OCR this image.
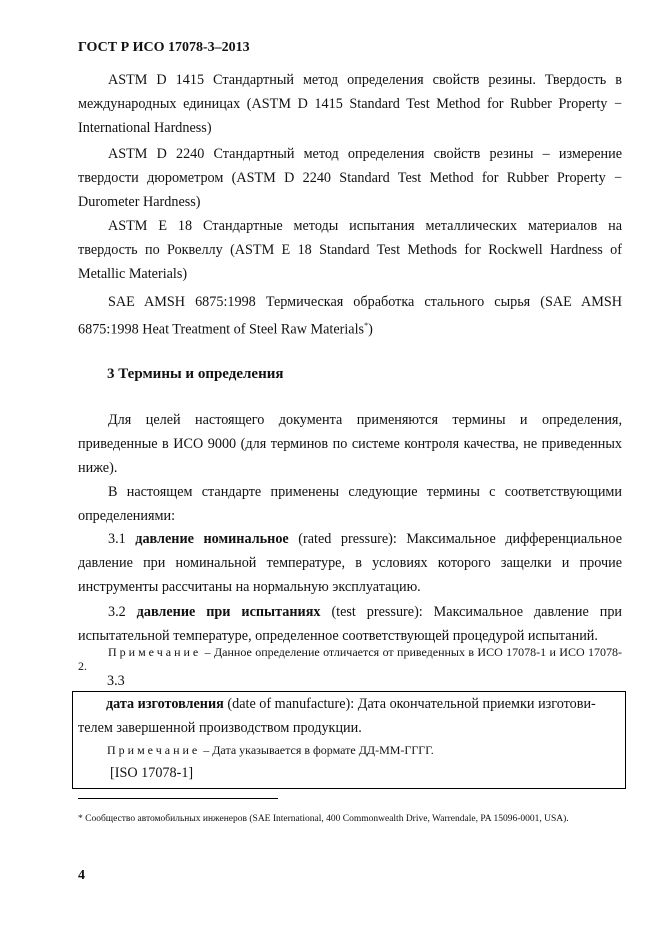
ГОСТ Р ИСО 17078-3–2013
ASTM D 1415 Стандартный метод определения свойств резины. Твердость в международных единицах (ASTM D 1415 Standard Test Method for Rubber Property − International Hardness)
ASTM D 2240 Стандартный метод определения свойств резины – измерение твердости дюрометром (ASTM D 2240 Standard Test Method for Rubber Property − Durometer Hardness)
ASTM E 18 Стандартные методы испытания металлических материалов на твердость по Роквеллу (ASTM E 18 Standard Test Methods for Rockwell Hardness of Metallic Materials)
SAE AMSH 6875:1998 Термическая обработка стального сырья (SAE AMSH 6875:1998 Heat Treatment of Steel Raw Materials*)
3 Термины и определения
Для целей настоящего документа применяются термины и определения, приведенные в ИСО 9000 (для терминов по системе контроля качества, не приведенных ниже).
В настоящем стандарте применены следующие термины с соответствующими определениями:
3.1 давление номинальное (rated pressure): Максимальное дифференциальное давление при номинальной температуре, в условиях которого защелки и прочие инструменты рассчитаны на нормальную эксплуатацию.
3.2 давление при испытаниях (test pressure): Максимальное давление при испытательной температуре, определенное соответствующей процедурой испытаний.
Примечание – Данное определение отличается от приведенных в ИСО 17078-1 и ИСО 17078-2.
3.3
дата изготовления (date of manufacture): Дата окончательной приемки изготови-
телем завершенной производством продукции.
Примечание – Дата указывается в формате ДД-ММ-ГГГГ.
[ISO 17078-1]
* Сообщество автомобильных инженеров (SAE International, 400 Commonwealth Drive, Warrendale, PA 15096-0001, USA).
4
